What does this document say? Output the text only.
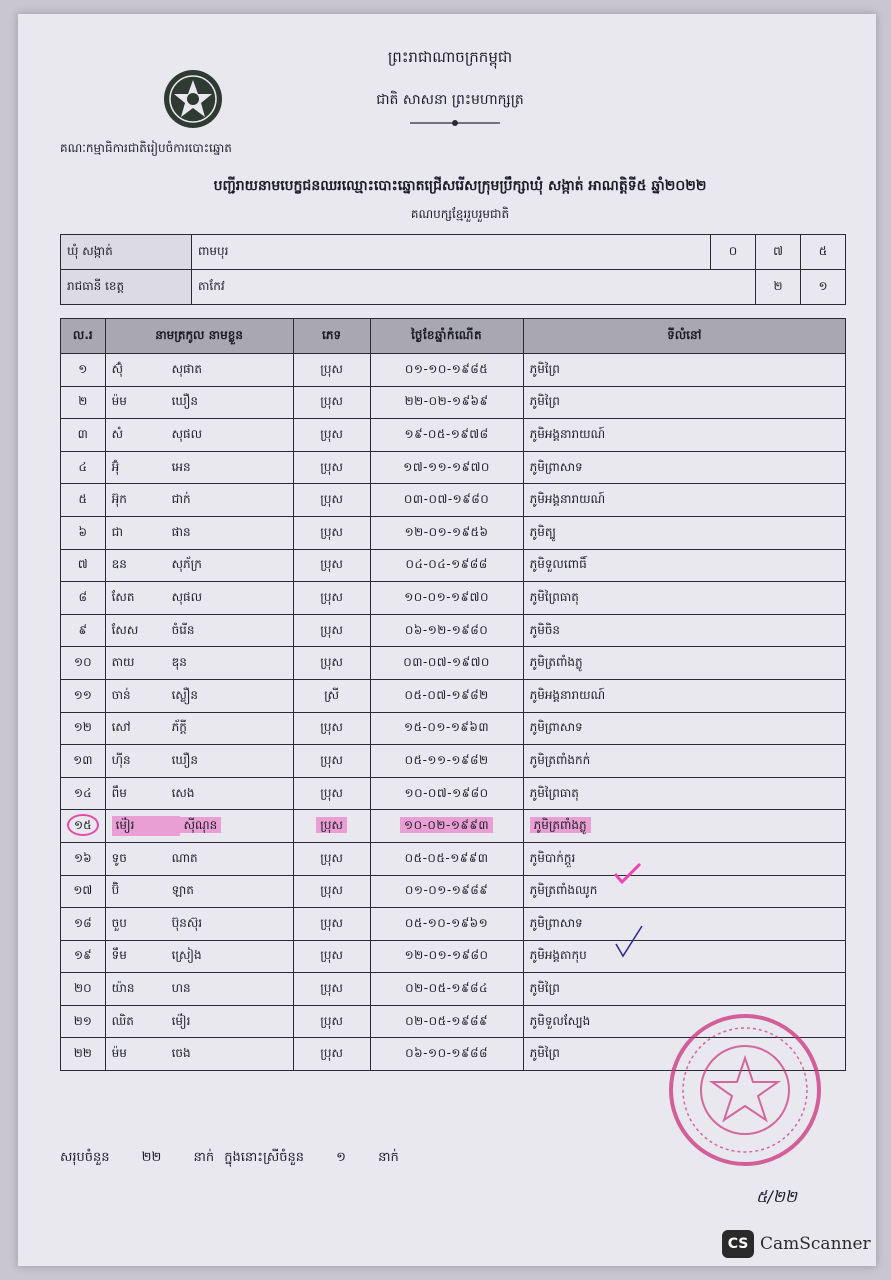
ព្រះរាជាណាចក្រកម្ពុជា
ជាតិ សាសនា ព្រះមហាក្សត្រ
គណៈកម្មាធិការជាតិរៀបចំការបោះឆ្នោត
បញ្ជីរាយនាមបេក្ខជនឈរឈ្មោះបោះឆ្នោតជ្រើសរើសក្រុមប្រឹក្សាឃុំ សង្កាត់ អាណត្តិទី៥ ឆ្នាំ២០២២
គណបក្សខ្មែររួបរួមជាតិ
ឃុំ សង្កាត់	ពាមបុរ	០	៧	៥
រាជធានី ខេត្ត	តាកែវ		២	១
ល.រ	នាមត្រកូល នាមខ្លួន	ភេទ	ថ្ងៃខែឆ្នាំកំណើត	ទីលំនៅ
១	ស៊ុំ សុផាត	ប្រុស	០១-១០-១៩៨៥	ភូមិព្រៃ
២	ម៉ម ឃឿន	ប្រុស	២២-០២-១៩៦៩	ភូមិព្រៃ
៣	សំ សុផល	ប្រុស	១៩-០៥-១៩៧៨	ភូមិអង្គនារាយណ៍
៤	អ៊ុំ អេន	ប្រុស	១៧-១១-១៩៧០	ភូមិព្រាសាទ
៥	អ៊ុក ជាក់	ប្រុស	០៣-០៧-១៩៨០	ភូមិអង្គនារាយណ៍
៦	ជា ផាន	ប្រុស	១២-០១-១៩៥៦	ភូមិត្បូ
៧	ឧន សុភ័ក្រ	ប្រុស	០៤-០៤-១៩៨៨	ភូមិទួលពោធិ៍
៨	សែត សុផល	ប្រុស	១០-០១-១៩៧០	ភូមិព្រៃធាតុ
៩	សែស ចំរើន	ប្រុស	០៦-១២-១៩៨០	ភូមិចិន
១០	តាយ ឌុន	ប្រុស	០៣-០៧-១៩៧០	ភូមិត្រពាំងភ្លូ
១១	ចាន់ ស្លឿន	ស្រី	០៥-០៧-១៩៨២	ភូមិអង្គនារាយណ៍
១២	សៅ ភ័ក្តី	ប្រុស	១៥-០១-១៩៦៣	ភូមិព្រាសាទ
១៣	ហ៊ីន ឃឿន	ប្រុស	០៥-១១-១៩៨២	ភូមិត្រពាំងកក់
១៤	ពឹម សេង	ប្រុស	១០-០៧-១៩៨០	ភូមិព្រៃធាតុ
១៥	ម៉ៀរ ស៊ីណុន	ប្រុស	១០-០២-១៩៩៣	ភូមិត្រពាំងភ្លូ
១៦	ទូច ណាត	ប្រុស	០៥-០៥-១៩៩៣	ភូមិបាក់ក្តួរ
១៧	ប៊ិ ឡាត	ប្រុស	០១-០១-១៩៨៩	ភូមិត្រពាំងឈូក
១៨	ចួប ប៊ុនស៊ុរ	ប្រុស	០៥-១០-១៩៦១	ភូមិព្រាសាទ
១៩	ទឹម ស្រៀង	ប្រុស	១២-០១-១៩៨០	ភូមិអង្គតាកុប
២០	យ៉ាន ហន	ប្រុស	០២-០៥-១៩៨៤	ភូមិព្រៃ
២១	ឈិត ម៉ៀរ	ប្រុស	០២-០៥-១៩៨៩	ភូមិទួលស្បែង
២២	ម៉ម ចេង	ប្រុស	០៦-១០-១៩៨៨	ភូមិព្រៃ
សរុបចំនួន ២២ នាក់ ក្នុងនោះស្រីចំនួន ១ នាក់
៥/២២
CS CamScanner
